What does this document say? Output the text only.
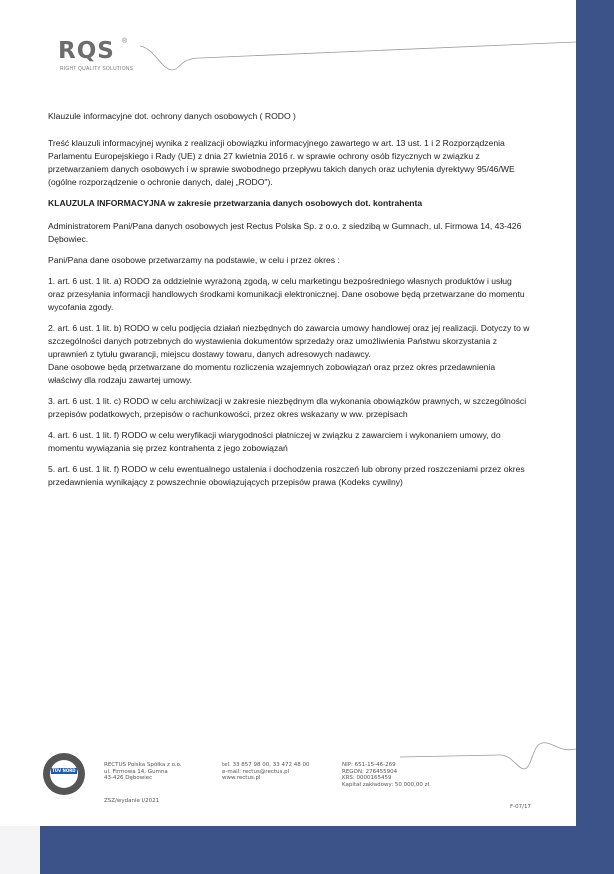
RQS ®
RIGHT QUALITY SOLUTIONS

Klauzule informacyjne dot. ochrony danych osobowych ( RODO )

Treść klauzuli informacyjnej wynika z realizacji obowiązku informacyjnego zawartego w art. 13 ust. 1 i 2 Rozporządzenia Parlamentu Europejskiego i Rady (UE) z dnia 27 kwietnia 2016 r. w sprawie ochrony osób fizycznych w związku z przetwarzaniem danych osobowych i w sprawie swobodnego przepływu takich danych oraz uchylenia dyrektywy 95/46/WE (ogólne rozporządzenie o ochronie danych, dalej „RODO").

KLAUZULA INFORMACYJNA w zakresie przetwarzania danych osobowych dot. kontrahenta

Administratorem Pani/Pana danych osobowych jest Rectus Polska Sp. z o.o. z siedzibą w Gumnach, ul. Firmowa 14, 43-426 Dębowiec.

Pani/Pana dane osobowe przetwarzamy na podstawie, w celu i przez okres :

1. art. 6 ust. 1 lit. a) RODO za oddzielnie wyrażoną zgodą, w celu marketingu bezpośredniego własnych produktów i usług oraz przesyłania informacji handlowych środkami komunikacji elektronicznej. Dane osobowe będą przetwarzane do momentu wycofania zgody.

2. art. 6 ust. 1 lit. b) RODO w celu podjęcia działań niezbędnych do zawarcia umowy handlowej oraz jej realizacji. Dotyczy to w szczególności danych potrzebnych do wystawienia dokumentów sprzedaży oraz umożliwienia Państwu skorzystania z uprawnień z tytułu gwarancji, miejscu dostawy towaru, danych adresowych nadawcy.

Dane osobowe będą przetwarzane do momentu rozliczenia wzajemnych zobowiązań oraz przez okres przedawnienia właściwy dla rodzaju zawartej umowy.

3. art. 6 ust. 1 lit. c) RODO w celu archiwizacji w zakresie niezbędnym dla wykonania obowiązków prawnych, w szczególności przepisów podatkowych, przepisów o rachunkowości, przez okres wskazany w ww. przepisach

4. art. 6 ust. 1 lit. f) RODO w celu weryfikacji wiarygodności płatniczej w związku z zawarciem i wykonaniem umowy, do momentu wywiązania się przez kontrahenta z jego zobowiązań

5. art. 6 ust. 1 lit. f) RODO w celu ewentualnego ustalenia i dochodzenia roszczeń lub obrony przed roszczeniami przez okres przedawnienia wynikający z powszechnie obowiązujących przepisów prawa (Kodeks cywilny)

TÜV NORD
RECTUS Polska Spółka z o.o.
ul. Firmowa 14, Gumna
43-426 Dębowiec
tel. 33 857 98 00, 33 472 48 00
e-mail: rectus@rectus.pl
www.rectus.pl
NIP: 651-15-46-269
REGON: 276455904
KRS: 0000165459
Kapitał zakładowy: 50 000,00 zł.
ZSZ/wydanie I/2021
F-07/17
